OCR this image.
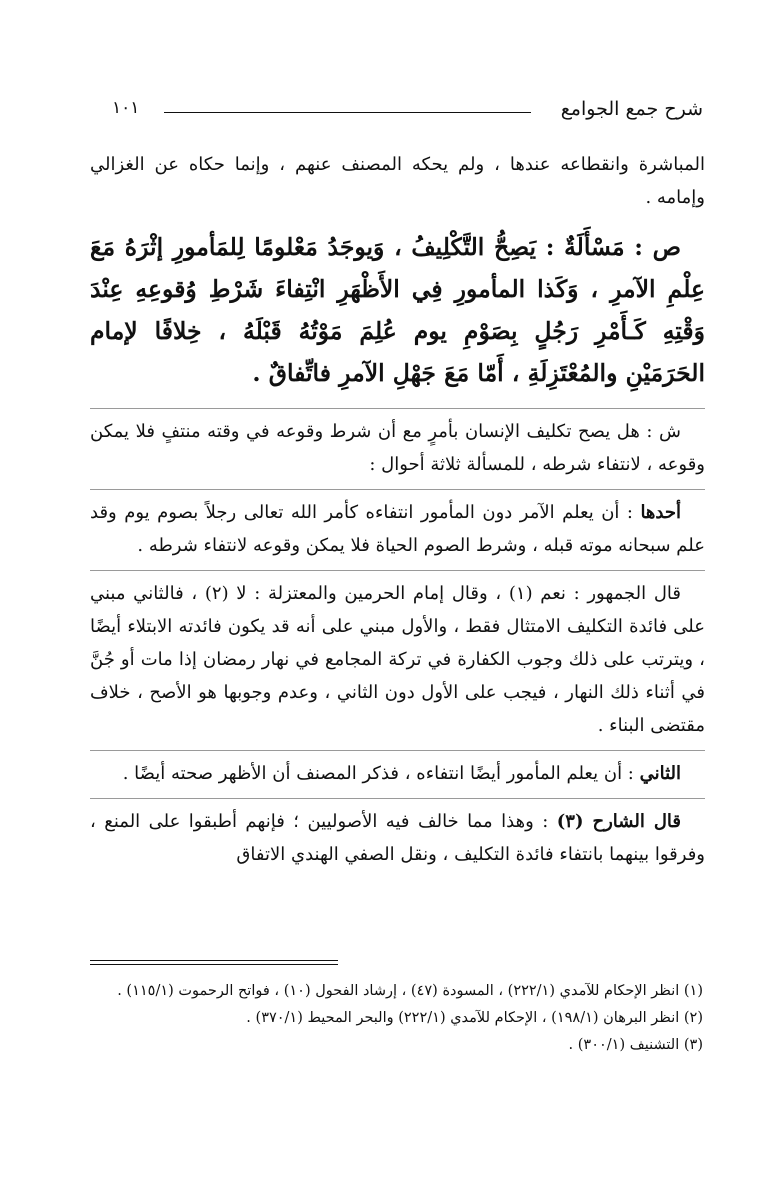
شرح جمع الجوامع
١٠١

المباشرة وانقطاعه عندها ، ولم يحكه المصنف عنهم ، وإنما حكاه عن الغزالي وإمامه .

ص : مَسْأَلَةٌ : يَصِحُّ التَّكْلِيفُ ، وَيوجَدُ مَعْلومًا لِلمَأمورِ إثْرَهُ مَعَ عِلْمِ الآمرِ ، وَكَذا المأمورِ فِي الأَظْهَرِ انْتِفاءَ شَرْطِ وُقوعِهِ عِنْدَ وَقْتِهِ كَـأَمْرِ رَجُلٍ بِصَوْمِ يوم عُلِمَ مَوْتُهُ قَبْلَهُ ، خِلافًا لإمام الحَرَمَيْنِ والمُعْتَزِلَةِ ، أَمّا مَعَ جَهْلِ الآمرِ فاتِّفاقٌ .

ش : هل يصح تكليف الإنسان بأمرٍ مع أن شرط وقوعه في وقته منتفٍ فلا يمكن وقوعه ، لانتفاء شرطه ، للمسألة ثلاثة أحوال :

أحدها : أن يعلم الآمر دون المأمور انتفاءه كأمر الله تعالى رجلاً بصوم يوم وقد علم سبحانه موته قبله ، وشرط الصوم الحياة فلا يمكن وقوعه لانتفاء شرطه .

قال الجمهور : نعم (١) ، وقال إمام الحرمين والمعتزلة : لا (٢) ، فالثاني مبني على فائدة التكليف الامتثال فقط ، والأول مبني على أنه قد يكون فائدته الابتلاء أيضًا ، ويترتب على ذلك وجوب الكفارة في تركة المجامع في نهار رمضان إذا مات أو جُنَّ في أثناء ذلك النهار ، فيجب على الأول دون الثاني ، وعدم وجوبها هو الأصح ، خلاف مقتضى البناء .

الثاني : أن يعلم المأمور أيضًا انتفاءه ، فذكر المصنف أن الأظهر صحته أيضًا .

قال الشارح (٣) : وهذا مما خالف فيه الأصوليين ؛ فإنهم أطبقوا على المنع ، وفرقوا بينهما بانتفاء فائدة التكليف ، ونقل الصفي الهندي الاتفاق

(١) انظر الإحكام للآمدي (٢٢٢/١) ، المسودة (٤٧) ، إرشاد الفحول (١٠) ، فواتح الرحموت (١١٥/١) .

(٢) انظر البرهان (١٩٨/١) ، الإحكام للآمدي (٢٢٢/١) والبحر المحيط (٣٧٠/١) .

(٣) التشنيف (٣٠٠/١) .
